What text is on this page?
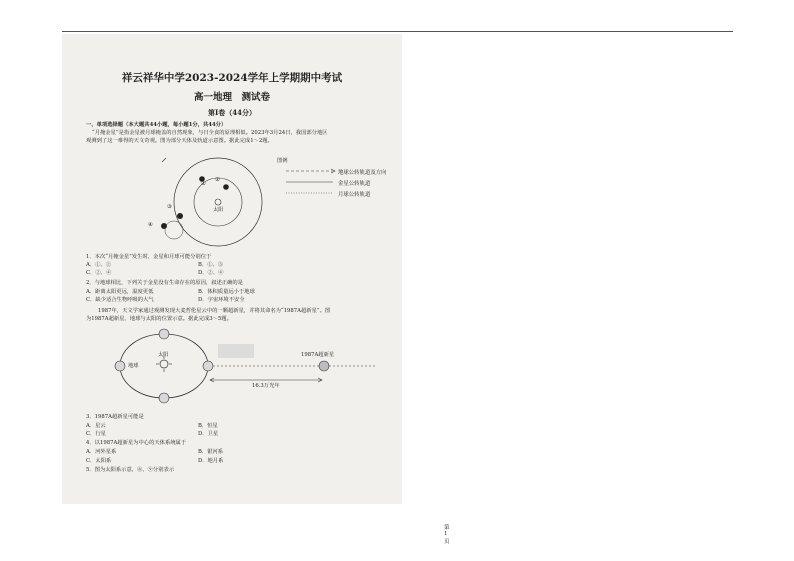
祥云祥华中学2023-2024学年上学期期中考试
高一地理　测试卷
第Ⅰ卷（44分）
一、单项选择题（本大题共44小题，每小题1分，共44分）
“月掩金星”是指金星被月球掩盖的自然现象，与日全食的原理相似。2023年3月24日，我国部分地区
观测到了这一难得的天文奇观。图为部分天体及轨道示意图。据此完成1～2题。
图例
地球公转轨道及方向
金星公转轨道
月球公转轨道
太阳
①
②
③
④
1．本次“月掩金星”发生时，金星和月球可能分别位于
A．①、②	B．①、③
C．②、④	D．②、④
2．与地球相比，下列关于金星没有生命存在的原因，叙述正确的是
A．距离太阳更远，温度更低	B．体积质量远小于地球
C．缺少适合生物呼吸的大气	D．宇宙环境不安全
1987年，天文学家通过观测发现大麦哲伦星云中的一颗超新星，并将其命名为“1987A超新星”。图
为1987A超新星、地球与太阳的位置示意。据此完成3～5题。
太阳
地球
1987A超新星
16.3万光年
3．1987A超新星可能是
A．星云	B．恒星
C．行星	D．卫星
4．以1987A超新星为中心的天体系统属于
A．河外星系	B．银河系
C．太阳系	D．地月系
5．图为太阳系示意，⑧、⑨分别表示
第1页
